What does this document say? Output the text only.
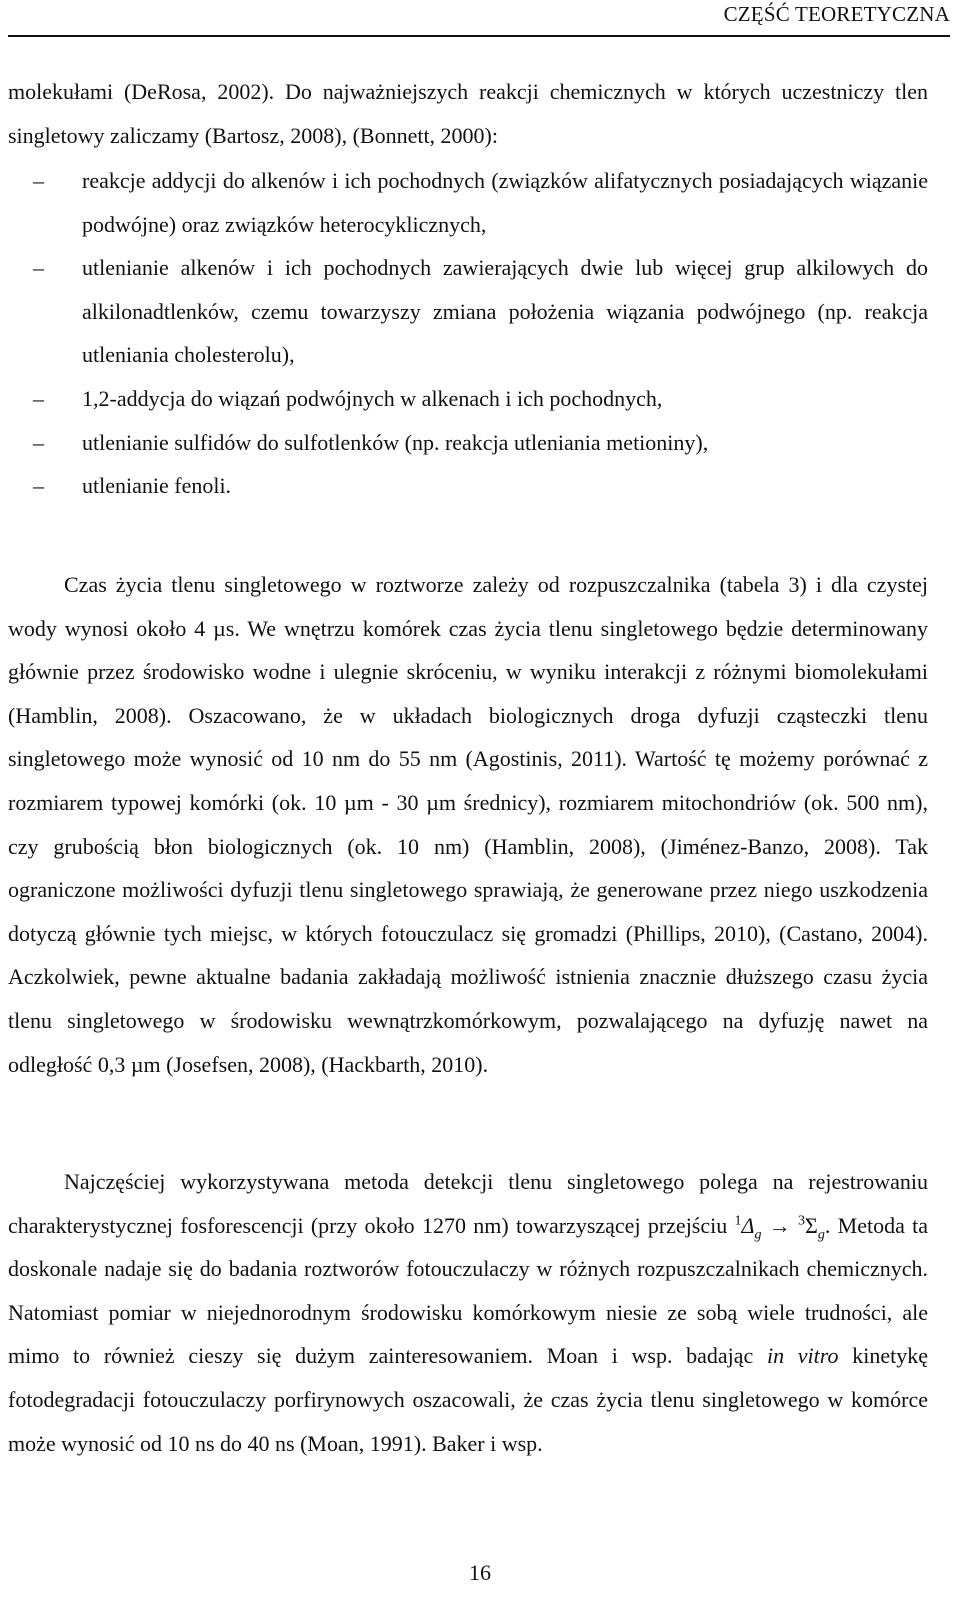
CZĘŚĆ TEORETYCZNA

molekułami (DeRosa, 2002). Do najważniejszych reakcji chemicznych w których uczestniczy tlen singletowy zaliczamy (Bartosz, 2008), (Bonnett, 2000):

–	reakcje addycji do alkenów i ich pochodnych (związków alifatycznych posiadających wiązanie podwójne) oraz związków heterocyklicznych,
–	utlenianie alkenów i ich pochodnych zawierających dwie lub więcej grup alkilowych do alkilonadtlenków, czemu towarzyszy zmiana położenia wiązania podwójnego (np. reakcja utleniania cholesterolu),
–	1,2-addycja do wiązań podwójnych w alkenach i ich pochodnych,
–	utlenianie sulfidów do sulfotlenków (np. reakcja utleniania metioniny),
–	utlenianie fenoli.

Czas życia tlenu singletowego w roztworze zależy od rozpuszczalnika (tabela 3) i dla czystej wody wynosi około 4 µs. We wnętrzu komórek czas życia tlenu singletowego będzie determinowany głównie przez środowisko wodne i ulegnie skróceniu, w wyniku interakcji z różnymi biomolekułami (Hamblin, 2008). Oszacowano, że w układach biologicznych droga dyfuzji cząsteczki tlenu singletowego może wynosić od 10 nm do 55 nm (Agostinis, 2011). Wartość tę możemy porównać z rozmiarem typowej komórki (ok. 10 µm - 30 µm średnicy), rozmiarem mitochondriów (ok. 500 nm), czy grubością błon biologicznych (ok. 10 nm) (Hamblin, 2008), (Jiménez-Banzo, 2008). Tak ograniczone możliwości dyfuzji tlenu singletowego sprawiają, że generowane przez niego uszkodzenia dotyczą głównie tych miejsc, w których fotouczulacz się gromadzi (Phillips, 2010), (Castano, 2004). Aczkolwiek, pewne aktualne badania zakładają możliwość istnienia znacznie dłuższego czasu życia tlenu singletowego w środowisku wewnątrzkomórkowym, pozwalającego na dyfuzję nawet na odległość 0,3 µm (Josefsen, 2008), (Hackbarth, 2010).

Najczęściej wykorzystywana metoda detekcji tlenu singletowego polega na rejestrowaniu charakterystycznej fosforescencji (przy około 1270 nm) towarzyszącej przejściu $^1\Delta_g \to ^3\Sigma_g$. Metoda ta doskonale nadaje się do badania roztworów fotouczulaczy w różnych rozpuszczalnikach chemicznych. Natomiast pomiar w niejednorodnym środowisku komórkowym niesie ze sobą wiele trudności, ale mimo to również cieszy się dużym zainteresowaniem. Moan i wsp. badając in vitro kinetykę fotodegradacji fotouczulaczy porfirynowych oszacowali, że czas życia tlenu singletowego w komórce może wynosić od 10 ns do 40 ns (Moan, 1991). Baker i wsp.

16
